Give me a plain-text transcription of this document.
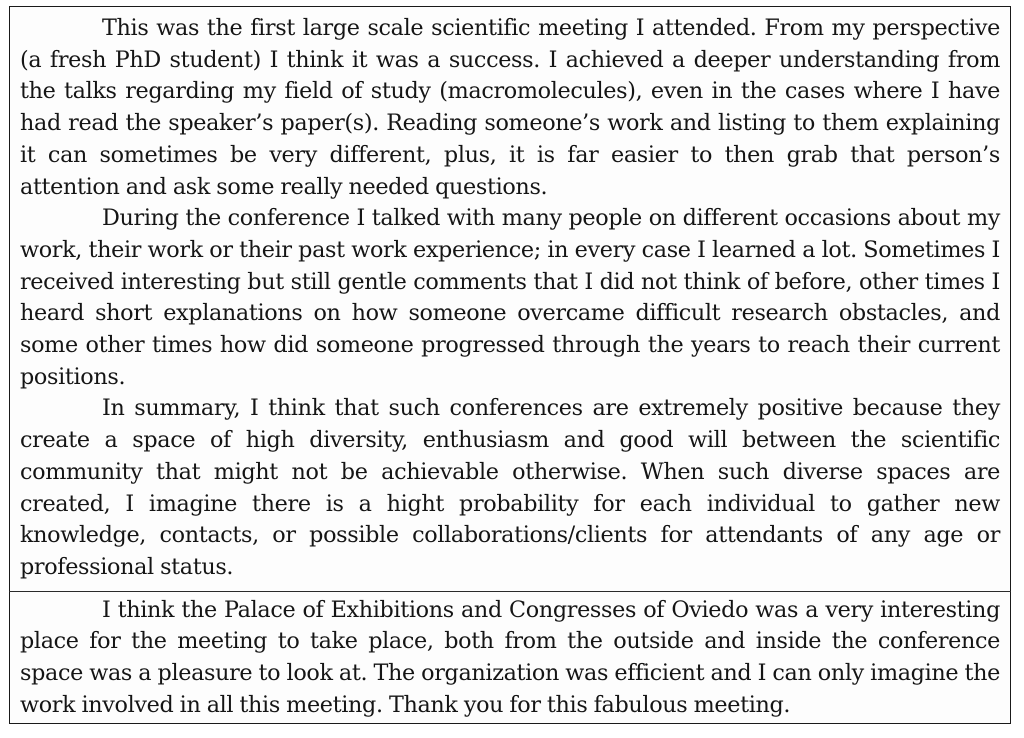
This was the first large scale scientific meeting I attended. From my perspective (a fresh PhD student) I think it was a success. I achieved a deeper understanding from the talks regarding my field of study (macromolecules), even in the cases where I have had read the speaker’s paper(s). Reading someone’s work and listing to them explaining it can sometimes be very different, plus, it is far easier to then grab that person’s attention and ask some really needed questions.

During the conference I talked with many people on different occasions about my work, their work or their past work experience; in every case I learned a lot. Sometimes I received interesting but still gentle comments that I did not think of before, other times I heard short explanations on how someone overcame difficult research obstacles, and some other times how did someone progressed through the years to reach their current positions.

In summary, I think that such conferences are extremely positive because they create a space of high diversity, enthusiasm and good will between the scientific community that might not be achievable otherwise. When such diverse spaces are created, I imagine there is a hight probability for each individual to gather new knowledge, contacts, or possible collaborations/clients for attendants of any age or professional status.

I think the Palace of Exhibitions and Congresses of Oviedo was a very interesting place for the meeting to take place, both from the outside and inside the conference space was a pleasure to look at. The organization was efficient and I can only imagine the work involved in all this meeting. Thank you for this fabulous meeting.
